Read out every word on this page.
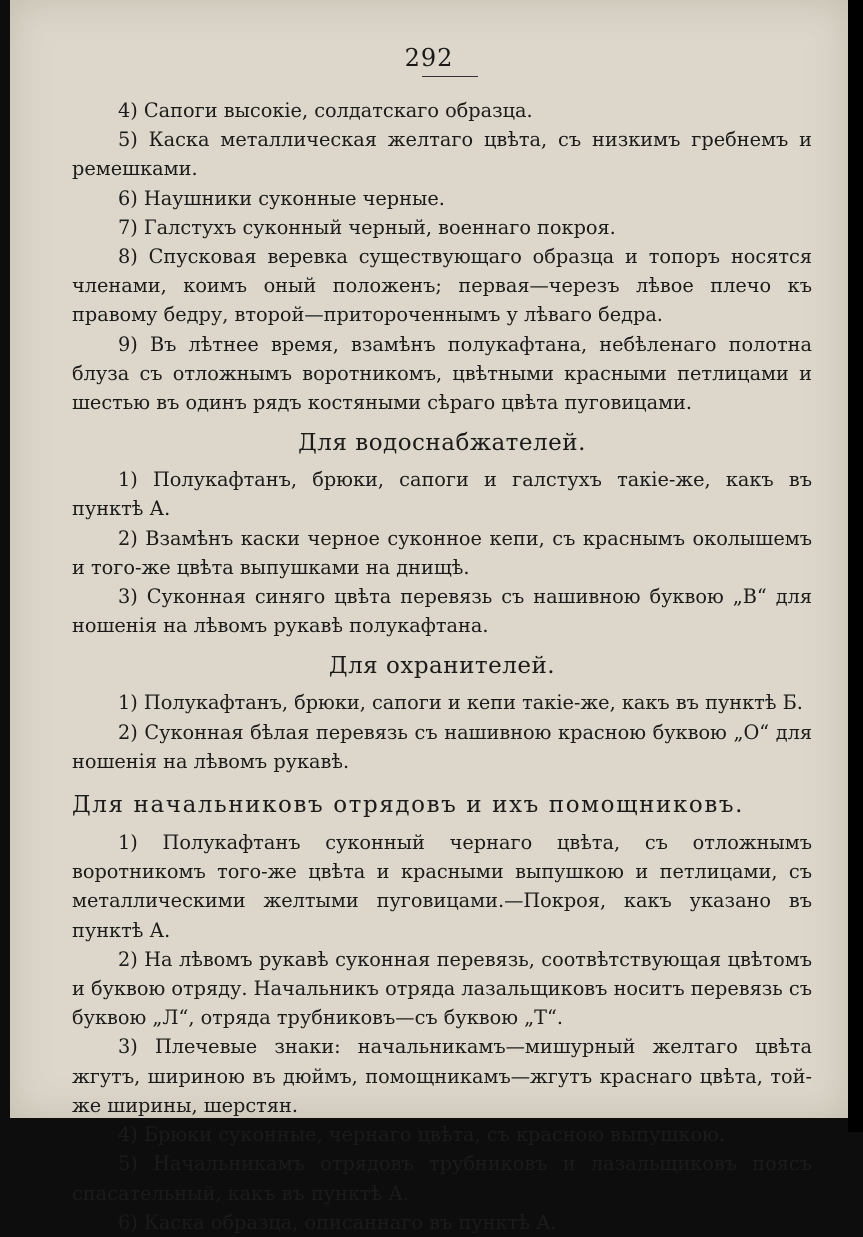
292

4) Сапоги высокіе, солдатскаго образца.

5) Каска металлическая желтаго цвѣта, съ низкимъ гребнемъ и ремешками.

6) Наушники суконные черные.

7) Галстухъ суконный черный, военнаго покроя.

8) Спусковая веревка существующаго образца и топоръ носятся членами, коимъ оный положенъ; первая—черезъ лѣвое плечо къ правому бедру, второй—притороченнымъ у лѣваго бедра.

9) Въ лѣтнее время, взамѣнъ полукафтана, небѣленаго полотна блуза съ отложнымъ воротникомъ, цвѣтными красными петлицами и шестью въ одинъ рядъ костяными сѣраго цвѣта пуговицами.

Для водоснабжателей.

1) Полукафтанъ, брюки, сапоги и галстухъ такіе-же, какъ въ пунктѣ А.

2) Взамѣнъ каски черное суконное кепи, съ краснымъ околышемъ и того-же цвѣта выпушками на днищѣ.

3) Суконная синяго цвѣта перевязь съ нашивною буквою „В“ для ношенія на лѣвомъ рукавѣ полукафтана.

Для охранителей.

1) Полукафтанъ, брюки, сапоги и кепи такіе-же, какъ въ пунктѣ Б.

2) Суконная бѣлая перевязь съ нашивною красною буквою „О“ для ношенія на лѣвомъ рукавѣ.

Для начальниковъ отрядовъ и ихъ помощниковъ.

1) Полукафтанъ суконный чернаго цвѣта, съ отложнымъ воротникомъ того-же цвѣта и красными выпушкою и петлицами, съ металлическими желтыми пуговицами.—Покроя, какъ указано въ пунктѣ А.

2) На лѣвомъ рукавѣ суконная перевязь, соотвѣтствующая цвѣтомъ и буквою отряду. Начальникъ отряда лазальщиковъ носитъ перевязь съ буквою „Л“, отряда трубниковъ—съ буквою „Т“.

3) Плечевые знаки: начальникамъ—мишурный желтаго цвѣта жгутъ, шириною въ дюймъ, помощникамъ—жгутъ краснаго цвѣта, той-же ширины, шерстян.

4) Брюки суконные, чернаго цвѣта, съ красною выпушкою.

5) Начальникамъ отрядовъ трубниковъ и лазальщиковъ поясъ спасательный, какъ въ пунктѣ А.

6) Каска образца, описаннаго въ пунктѣ А.
